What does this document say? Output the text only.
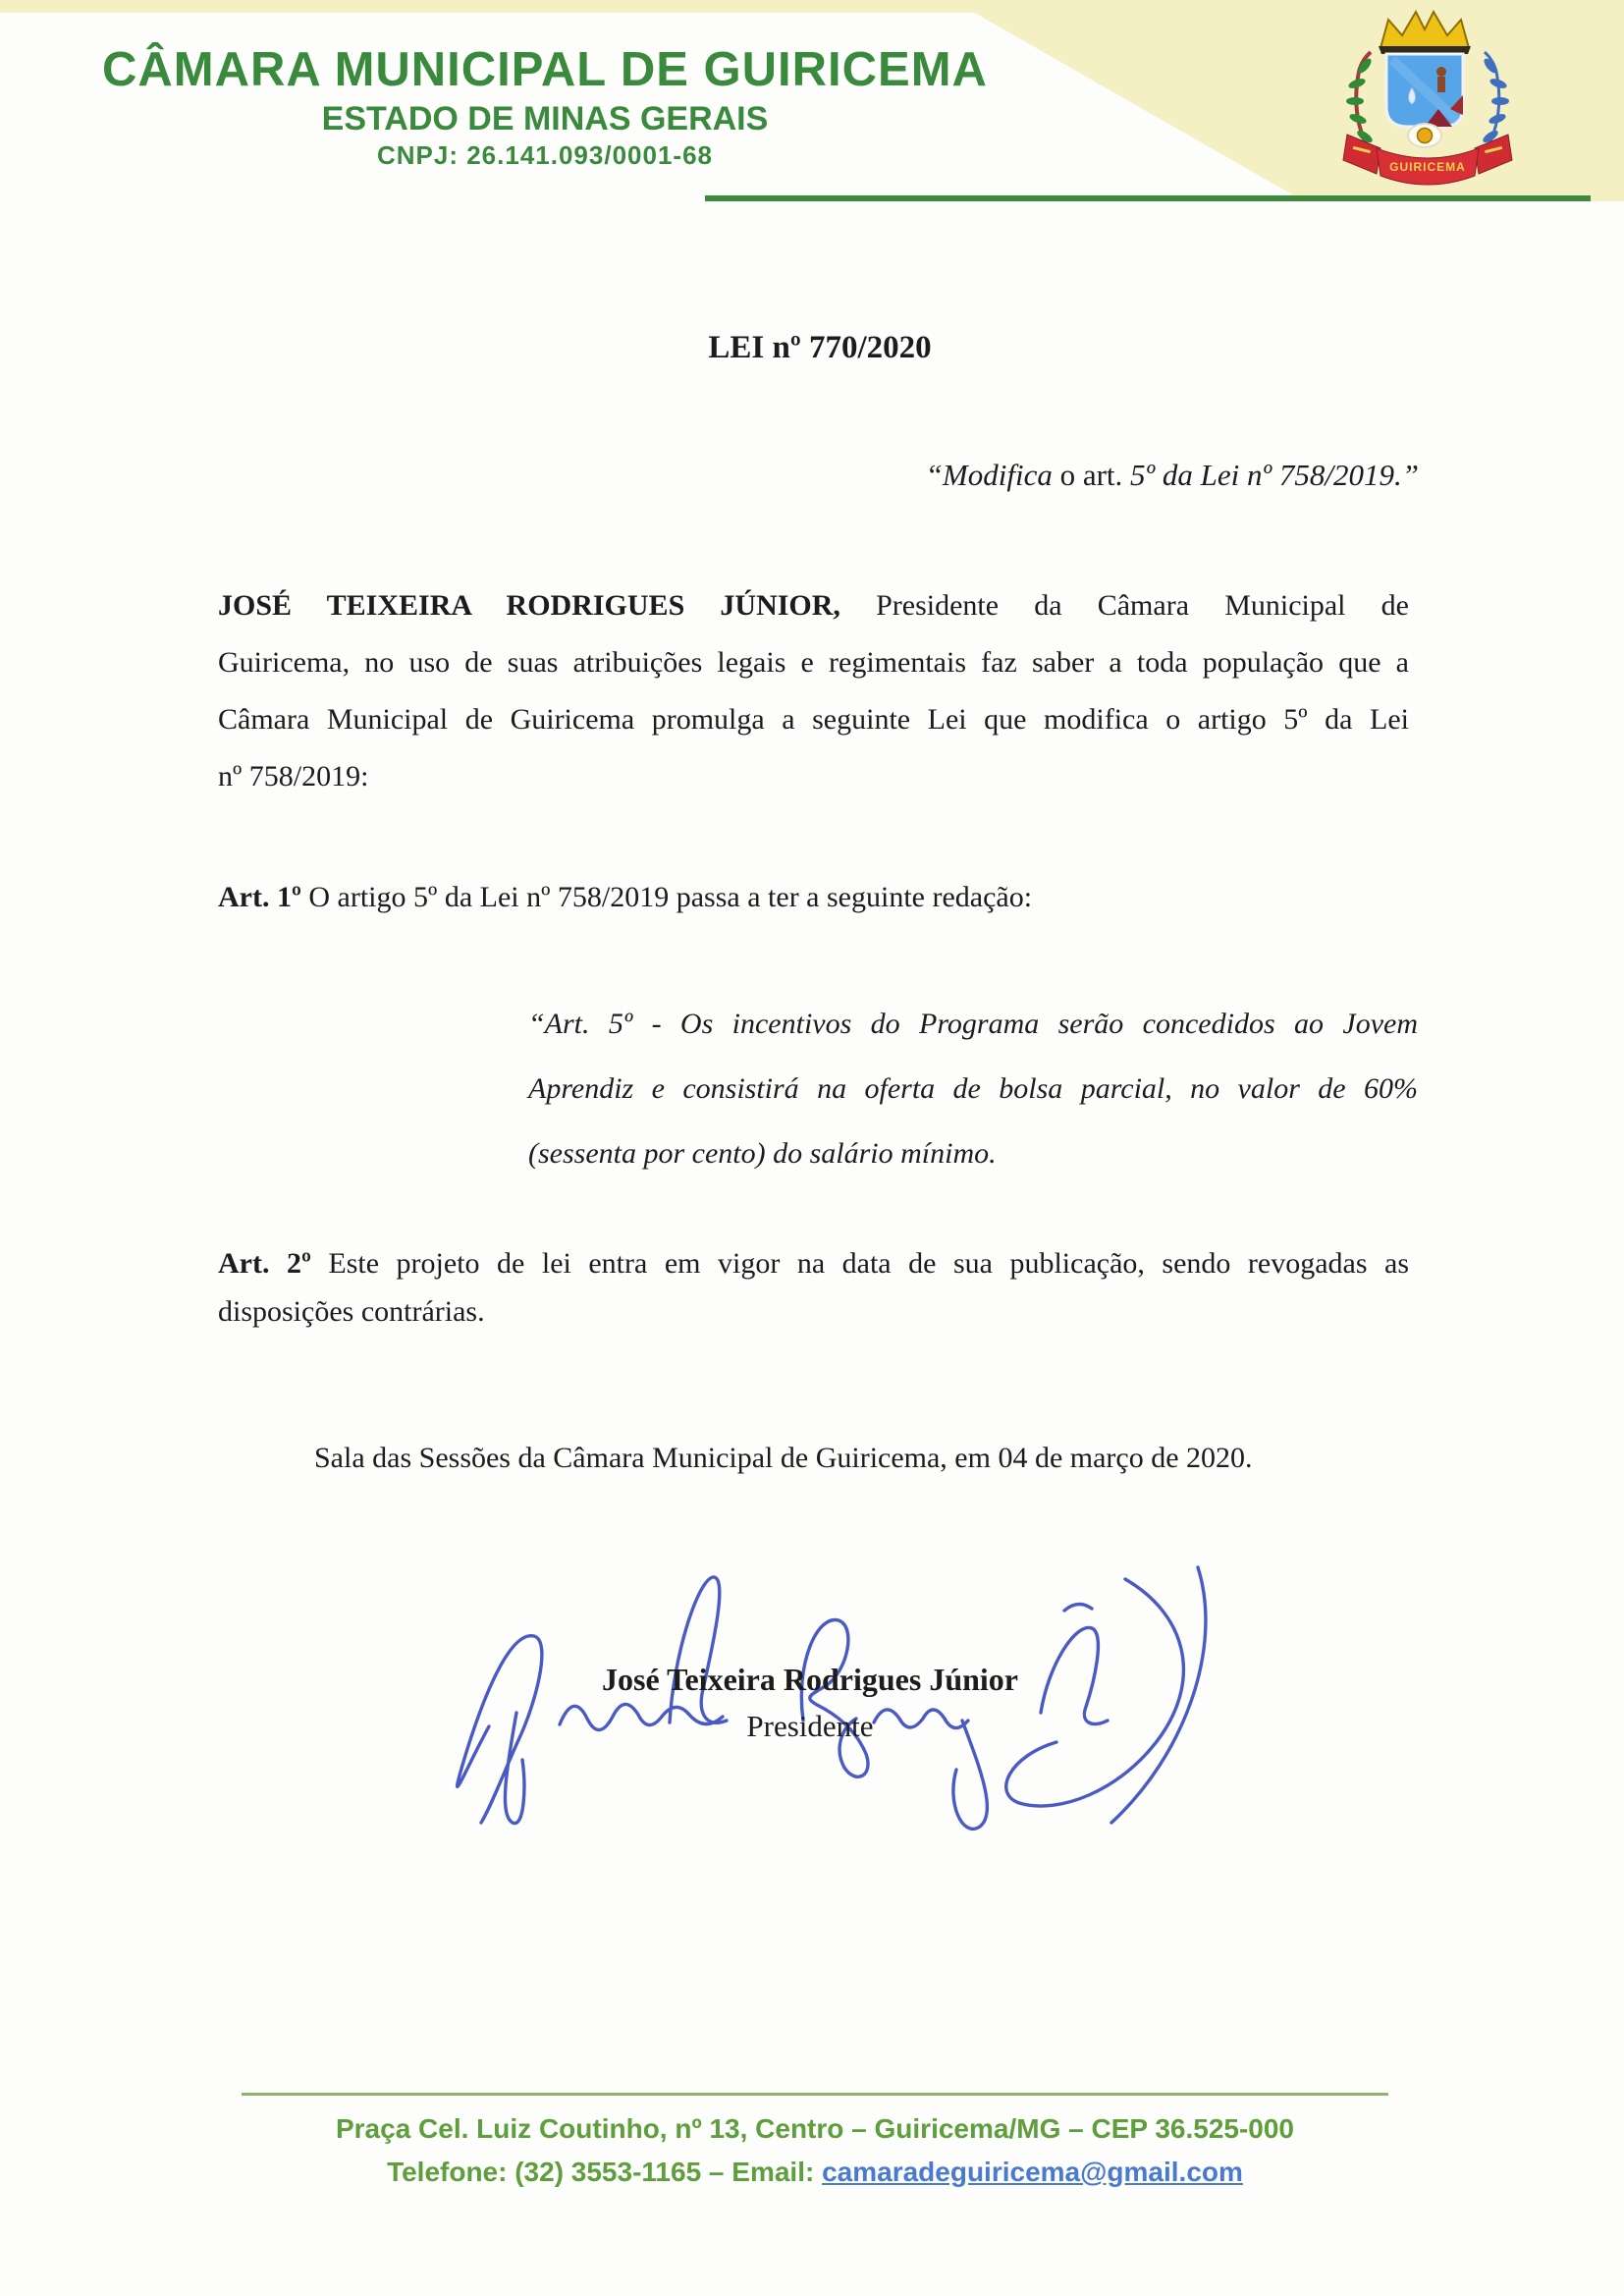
GUIRICEMA
CÂMARA MUNICIPAL DE GUIRICEMA
ESTADO DE MINAS GERAIS
CNPJ: 26.141.093/0001-68
LEI nº 770/2020
“Modifica o art. 5º da Lei nº 758/2019.”
JOSÉ TEIXEIRA RODRIGUES JÚNIOR, Presidente da Câmara Municipal de
Guiricema, no uso de suas atribuições legais e regimentais faz saber a toda população que a
Câmara Municipal de Guiricema promulga a seguinte Lei que modifica o artigo 5º da Lei
nº 758/2019:
Art. 1º O artigo 5º da Lei nº 758/2019 passa a ter a seguinte redação:
“Art. 5º - Os incentivos do Programa serão concedidos ao Jovem
Aprendiz e consistirá na oferta de bolsa parcial, no valor de 60%
(sessenta por cento) do salário mínimo.
Art. 2º Este projeto de lei entra em vigor na data de sua publicação, sendo revogadas as
disposições contrárias.
Sala das Sessões da Câmara Municipal de Guiricema, em 04 de março de 2020.
José Teixeira Rodrigues Júnior
Presidente
Praça Cel. Luiz Coutinho, nº 13, Centro – Guiricema/MG – CEP 36.525-000
Telefone: (32) 3553-1165 – Email: camaradeguiricema@gmail.com
